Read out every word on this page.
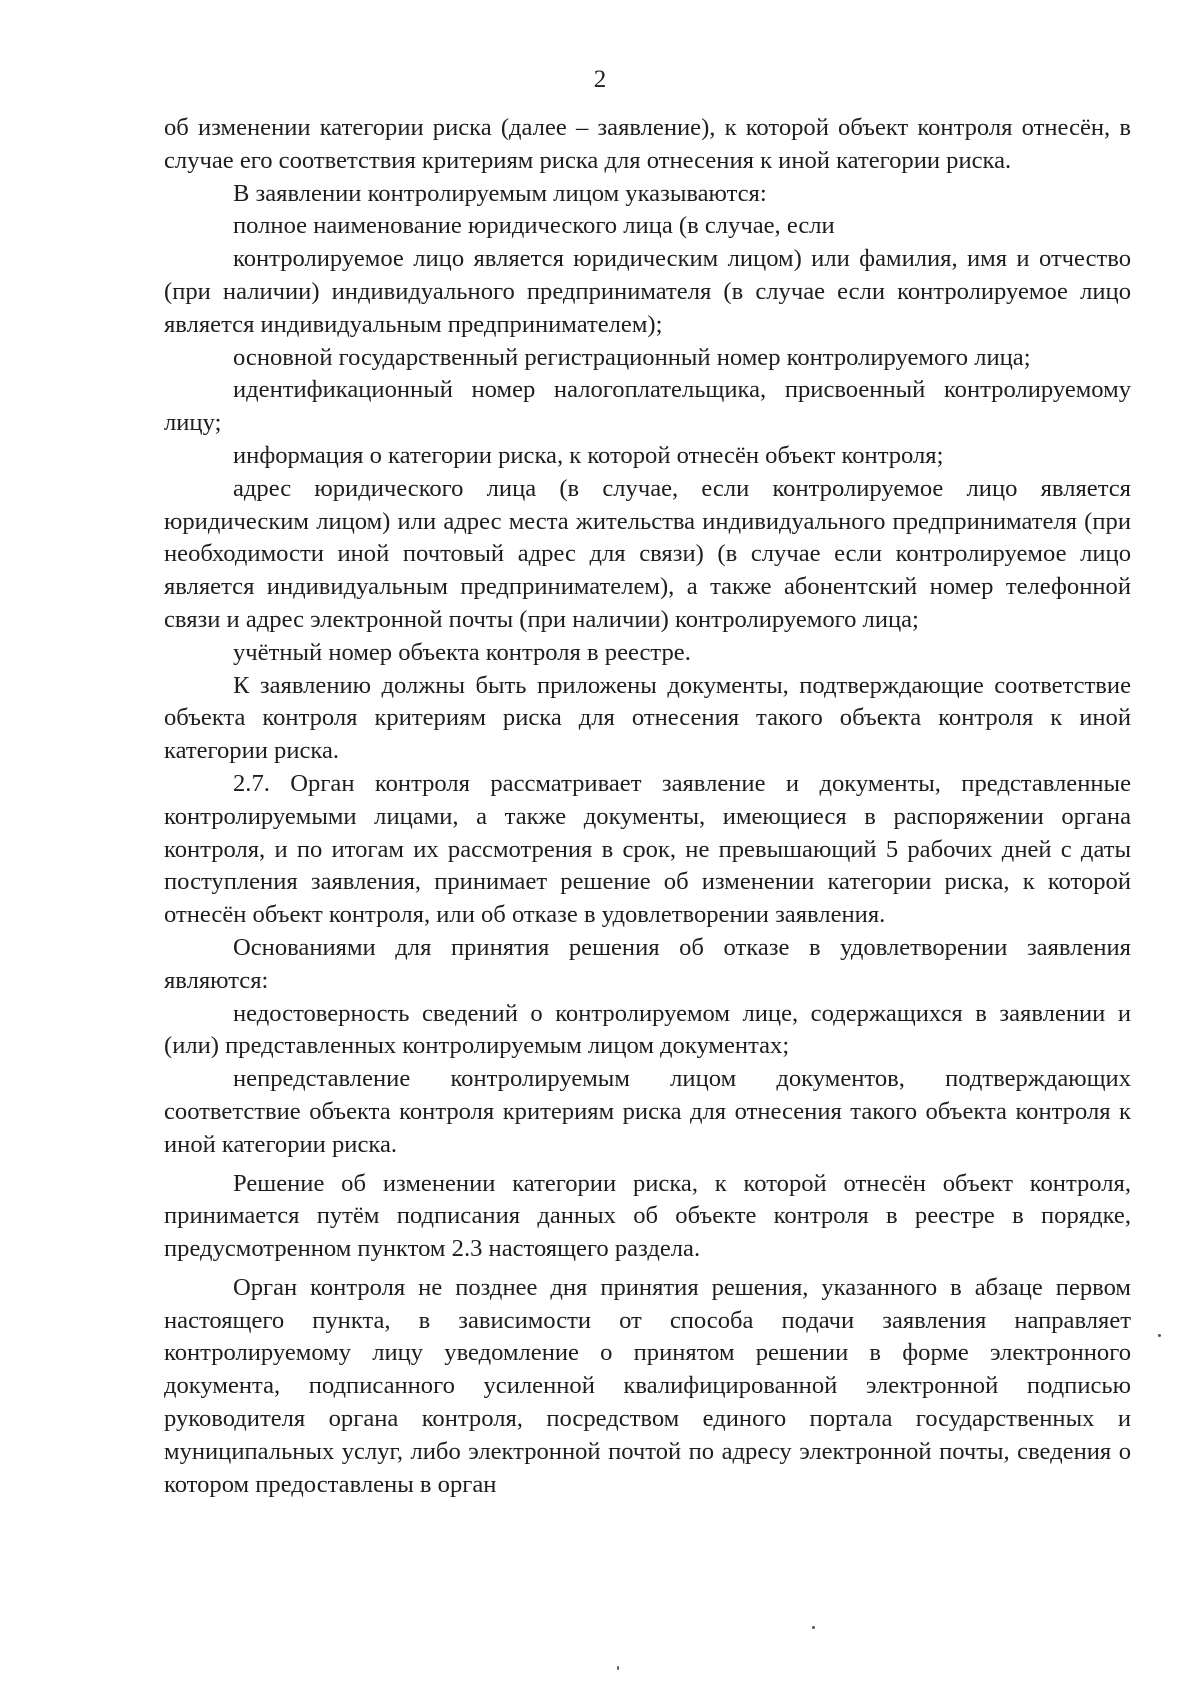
2

об изменении категории риска (далее – заявление), к которой объект контроля отнесён, в случае его соответствия критериям риска для отнесения к иной категории риска.

В заявлении контролируемым лицом указываются:

полное наименование юридического лица (в случае, если

контролируемое лицо является юридическим лицом) или фамилия, имя и отчество (при наличии) индивидуального предпринимателя (в случае если контролируемое лицо является индивидуальным предпринимателем);

основной государственный регистрационный номер контролируемого лица;

идентификационный номер налогоплательщика, присвоенный контролируемому лицу;

информация о категории риска, к которой отнесён объект контроля;

адрес юридического лица (в случае, если контролируемое лицо является юридическим лицом) или адрес места жительства индивидуального предпринимателя (при необходимости иной почтовый адрес для связи) (в случае если контролируемое лицо является индивидуальным предпринимателем), а также абонентский номер телефонной связи и адрес электронной почты (при наличии) контролируемого лица;

учётный номер объекта контроля в реестре.

К заявлению должны быть приложены документы, подтверждающие соответствие объекта контроля критериям риска для отнесения такого объекта контроля к иной категории риска.

2.7. Орган контроля рассматривает заявление и документы, представленные контролируемыми лицами, а также документы, имеющиеся в распоряжении органа контроля, и по итогам их рассмотрения в срок, не превышающий 5 рабочих дней с даты поступления заявления, принимает решение об изменении категории риска, к которой отнесён объект контроля, или об отказе в удовлетворении заявления.

Основаниями для принятия решения об отказе в удовлетворении заявления являются:

недостоверность сведений о контролируемом лице, содержащихся в заявлении и (или) представленных контролируемым лицом документах;

непредставление контролируемым лицом документов, подтверждающих соответствие объекта контроля критериям риска для отнесения такого объекта контроля к иной категории риска.

Решение об изменении категории риска, к которой отнесён объект контроля, принимается путём подписания данных об объекте контроля в реестре в порядке, предусмотренном пунктом 2.3 настоящего раздела.

Орган контроля не позднее дня принятия решения, указанного в абзаце первом настоящего пункта, в зависимости от способа подачи заявления направляет контролируемому лицу уведомление о принятом решении в форме электронного документа, подписанного усиленной квалифицированной электронной подписью руководителя органа контроля, посредством единого портала государственных и муниципальных услуг, либо электронной почтой по адресу электронной почты, сведения о котором предоставлены в орган
